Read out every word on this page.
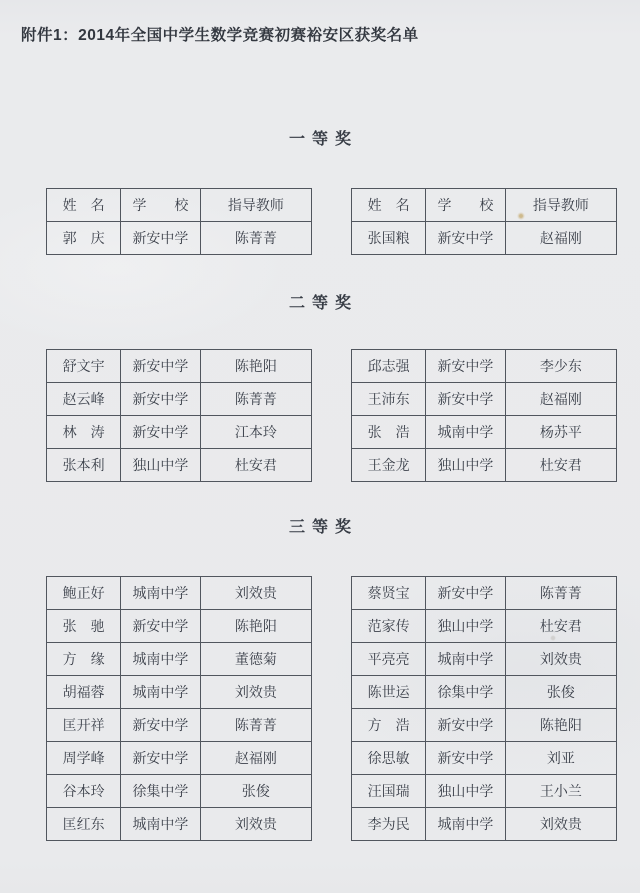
附件1：2014年全国中学生数学竞赛初赛裕安区获奖名单
一等奖
姓　名	学　　校	指导教师
郭　庆	新安中学	陈菁菁
姓　名	学　　校	指导教师
张国粮	新安中学	赵福刚
二等奖
舒文宇	新安中学	陈艳阳
赵云峰	新安中学	陈菁菁
林　涛	新安中学	江本玲
张本利	独山中学	杜安君
邱志强	新安中学	李少东
王沛东	新安中学	赵福刚
张　浩	城南中学	杨苏平
王金龙	独山中学	杜安君
三等奖
鲍正好	城南中学	刘效贵
张　驰	新安中学	陈艳阳
方　缘	城南中学	董德菊
胡福蓉	城南中学	刘效贵
匡开祥	新安中学	陈菁菁
周学峰	新安中学	赵福刚
谷本玲	徐集中学	张俊
匡红东	城南中学	刘效贵
蔡贤宝	新安中学	陈菁菁
范家传	独山中学	杜安君
平亮亮	城南中学	刘效贵
陈世运	徐集中学	张俊
方　浩	新安中学	陈艳阳
徐思敏	新安中学	刘亚
汪国瑞	独山中学	王小兰
李为民	城南中学	刘效贵
